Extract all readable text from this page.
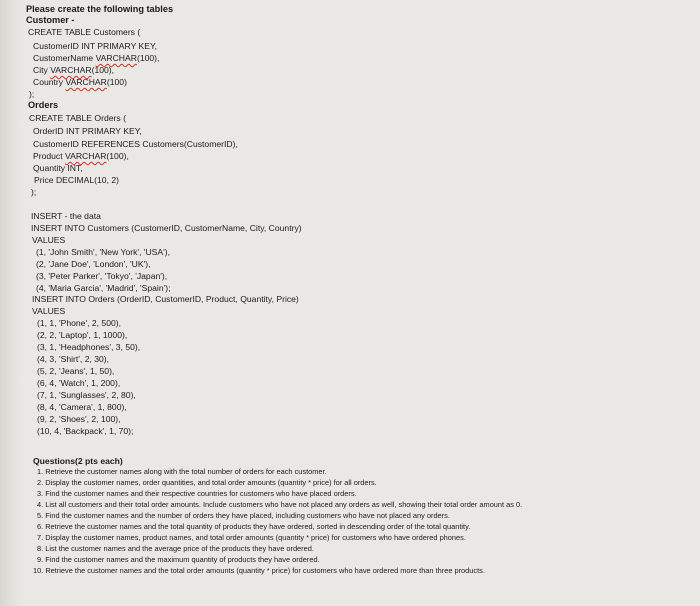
Please create the following tables
Customer -
CREATE TABLE Customers (
CustomerID INT PRIMARY KEY,
CustomerName VARCHAR(100),
City VARCHAR(100),
Country VARCHAR(100)
);
Orders
CREATE TABLE Orders (
OrderID INT PRIMARY KEY,
CustomerID REFERENCES Customers(CustomerID),
Product VARCHAR(100),
Quantity INT,
Price DECIMAL(10, 2)
);
INSERT - the data
INSERT INTO Customers (CustomerID, CustomerName, City, Country)
VALUES
(1, 'John Smith', 'New York', 'USA'),
(2, 'Jane Doe', 'London', 'UK'),
(3, 'Peter Parker', 'Tokyo', 'Japan'),
(4, 'Maria Garcia', 'Madrid', 'Spain');
INSERT INTO Orders (OrderID, CustomerID, Product, Quantity, Price)
VALUES
(1, 1, 'Phone', 2, 500),
(2, 2, 'Laptop', 1, 1000),
(3, 1, 'Headphones', 3, 50),
(4, 3, 'Shirt', 2, 30),
(5, 2, 'Jeans', 1, 50),
(6, 4, 'Watch', 1, 200),
(7, 1, 'Sunglasses', 2, 80),
(8, 4, 'Camera', 1, 800),
(9, 2, 'Shoes', 2, 100),
(10, 4, 'Backpack', 1, 70);
Questions(2 pts each)
1. Retrieve the customer names along with the total number of orders for each customer.
2. Display the customer names, order quantities, and total order amounts (quantity * price) for all orders.
3. Find the customer names and their respective countries for customers who have placed orders.
4. List all customers and their total order amounts. Include customers who have not placed any orders as well, showing their total order amount as 0.
5. Find the customer names and the number of orders they have placed, including customers who have not placed any orders.
6. Retrieve the customer names and the total quantity of products they have ordered, sorted in descending order of the total quantity.
7. Display the customer names, product names, and total order amounts (quantity * price) for customers who have ordered phones.
8. List the customer names and the average price of the products they have ordered.
9. Find the customer names and the maximum quantity of products they have ordered.
10. Retrieve the customer names and the total order amounts (quantity * price) for customers who have ordered more than three products.
